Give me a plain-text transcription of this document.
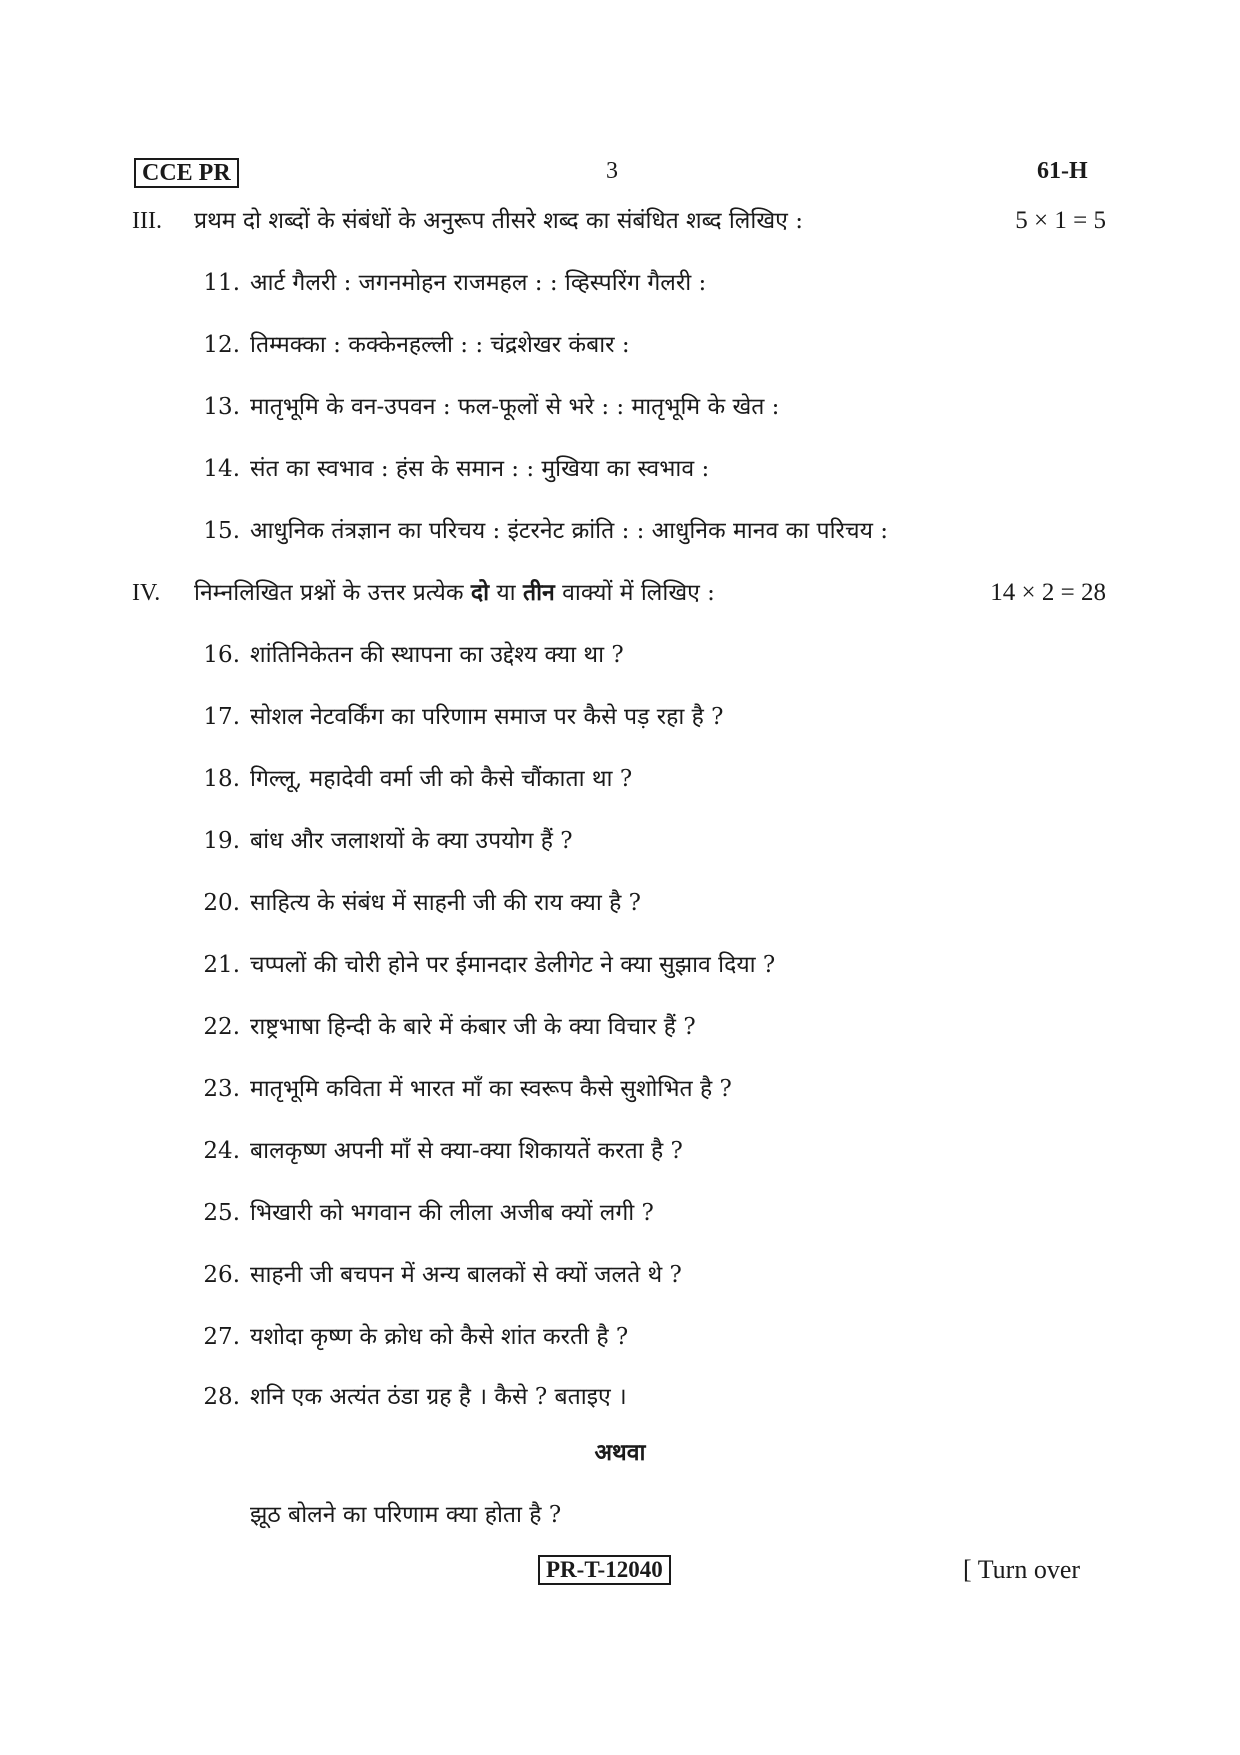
CCE PR	3	61-H
III. प्रथम दो शब्दों के संबंधों के अनुरूप तीसरे शब्द का संबंधित शब्द लिखिए :	5 × 1 = 5
11. आर्ट गैलरी : जगनमोहन राजमहल : : व्हिस्परिंग गैलरी :
12. तिम्मक्का : कक्केनहल्ली : : चंद्रशेखर कंबार :
13. मातृभूमि के वन-उपवन : फल-फूलों से भरे : : मातृभूमि के खेत :
14. संत का स्वभाव : हंस के समान : : मुखिया का स्वभाव :
15. आधुनिक तंत्रज्ञान का परिचय : इंटरनेट क्रांति : : आधुनिक मानव का परिचय :
IV. निम्नलिखित प्रश्नों के उत्तर प्रत्येक दो या तीन वाक्यों में लिखिए :	14 × 2 = 28
16. शांतिनिकेतन की स्थापना का उद्देश्य क्या था ?
17. सोशल नेटवर्किंग का परिणाम समाज पर कैसे पड़ रहा है ?
18. गिल्लू, महादेवी वर्मा जी को कैसे चौंकाता था ?
19. बांध और जलाशयों के क्या उपयोग हैं ?
20. साहित्य के संबंध में साहनी जी की राय क्या है ?
21. चप्पलों की चोरी होने पर ईमानदार डेलीगेट ने क्या सुझाव दिया ?
22. राष्ट्रभाषा हिन्दी के बारे में कंबार जी के क्या विचार हैं ?
23. मातृभूमि कविता में भारत माँ का स्वरूप कैसे सुशोभित है ?
24. बालकृष्ण अपनी माँ से क्या-क्या शिकायतें करता है ?
25. भिखारी को भगवान की लीला अजीब क्यों लगी ?
26. साहनी जी बचपन में अन्य बालकों से क्यों जलते थे ?
27. यशोदा कृष्ण के क्रोध को कैसे शांत करती है ?
28. शनि एक अत्यंत ठंडा ग्रह है । कैसे ? बताइए ।
अथवा
झूठ बोलने का परिणाम क्या होता है ?
PR-T-12040	[ Turn over
